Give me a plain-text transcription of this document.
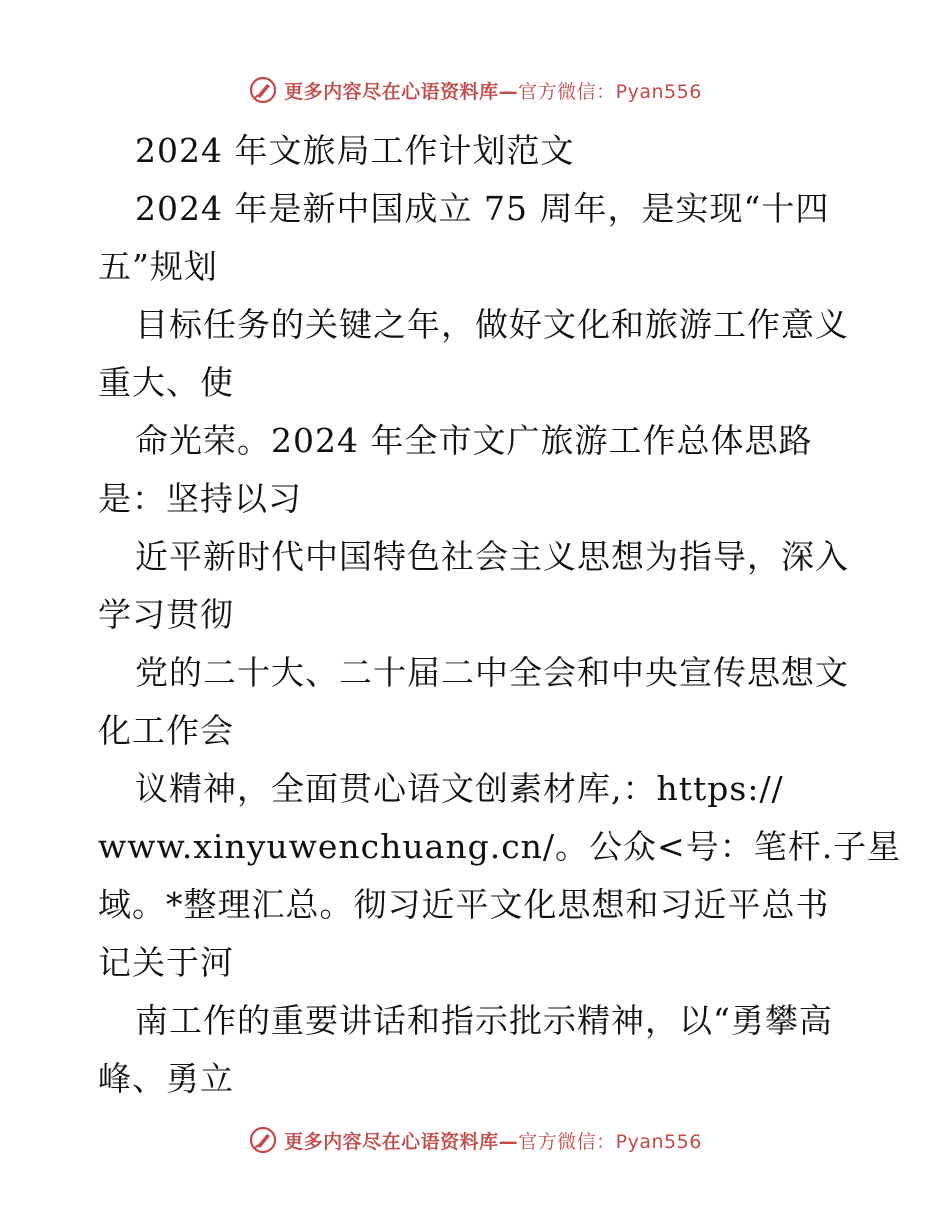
更多内容尽在心语资料库—官方微信：Pyan556
2024 年文旅局工作计划范文
2024 年是新中国成立 75 周年，是实现“十四
五”规划
目标任务的关键之年，做好文化和旅游工作意义
重大、使
命光荣。2024 年全市文广旅游工作总体思路
是：坚持以习
近平新时代中国特色社会主义思想为指导，深入
学习贯彻
党的二十大、二十届二中全会和中央宣传思想文
化工作会
议精神，全面贯心语文创素材库,：https://
www.xinyuwenchuang.cn/。公众<号：笔杆.子星
域。*整理汇总。彻习近平文化思想和习近平总书
记关于河
南工作的重要讲话和指示批示精神，以“勇攀高
峰、勇立
更多内容尽在心语资料库—官方微信：Pyan556
